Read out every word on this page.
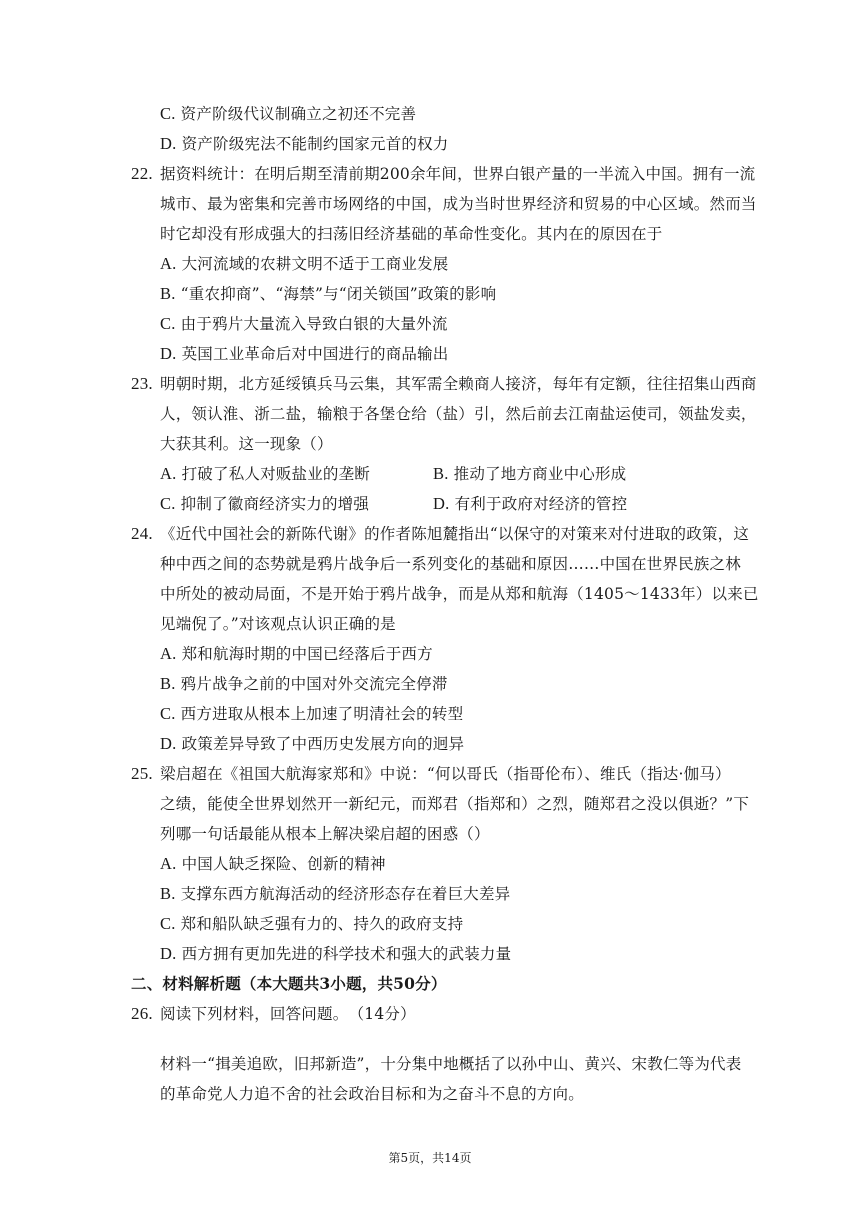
C. 资产阶级代议制确立之初还不完善
D. 资产阶级宪法不能制约国家元首的权力
22. 据资料统计：在明后期至清前期200余年间，世界白银产量的一半流入中国。拥有一流
城市、最为密集和完善市场网络的中国，成为当时世界经济和贸易的中心区域。然而当
时它却没有形成强大的扫荡旧经济基础的革命性变化。其内在的原因在于
A. 大河流域的农耕文明不适于工商业发展
B. “重农抑商”、“海禁”与“闭关锁国”政策的影响
C. 由于鸦片大量流入导致白银的大量外流
D. 英国工业革命后对中国进行的商品输出
23. 明朝时期，北方延绥镇兵马云集，其军需全赖商人接济，每年有定额，往往招集山西商
人，领认淮、浙二盐，输粮于各堡仓给（盐）引，然后前去江南盐运使司，领盐发卖，
大获其利。这一现象（）
A. 打破了私人对贩盐业的垄断	B. 推动了地方商业中心形成
C. 抑制了徽商经济实力的增强	D. 有利于政府对经济的管控
24. 《近代中国社会的新陈代谢》的作者陈旭麓指出“以保守的对策来对付进取的政策，这
种中西之间的态势就是鸦片战争后一系列变化的基础和原因……中国在世界民族之林
中所处的被动局面，不是开始于鸦片战争，而是从郑和航海（1405～1433年）以来已
见端倪了。”对该观点认识正确的是
A. 郑和航海时期的中国已经落后于西方
B. 鸦片战争之前的中国对外交流完全停滞
C. 西方进取从根本上加速了明清社会的转型
D. 政策差异导致了中西历史发展方向的迥异
25. 梁启超在《祖国大航海家郑和》中说：“何以哥氏（指哥伦布）、维氏（指达·伽马）
之绩，能使全世界划然开一新纪元，而郑君（指郑和）之烈，随郑君之没以俱逝？”下
列哪一句话最能从根本上解决梁启超的困惑（）
A. 中国人缺乏探险、创新的精神
B. 支撑东西方航海活动的经济形态存在着巨大差异
C. 郑和船队缺乏强有力的、持久的政府支持
D. 西方拥有更加先进的科学技术和强大的武装力量
二、材料解析题（本大题共3小题，共50分）
26. 阅读下列材料，回答问题。　（14分）
材料一“揖美追欧，旧邦新造”，十分集中地概括了以孙中山、黄兴、宋教仁等为代表
的革命党人力追不舍的社会政治目标和为之奋斗不息的方向。
第5页，共14页
